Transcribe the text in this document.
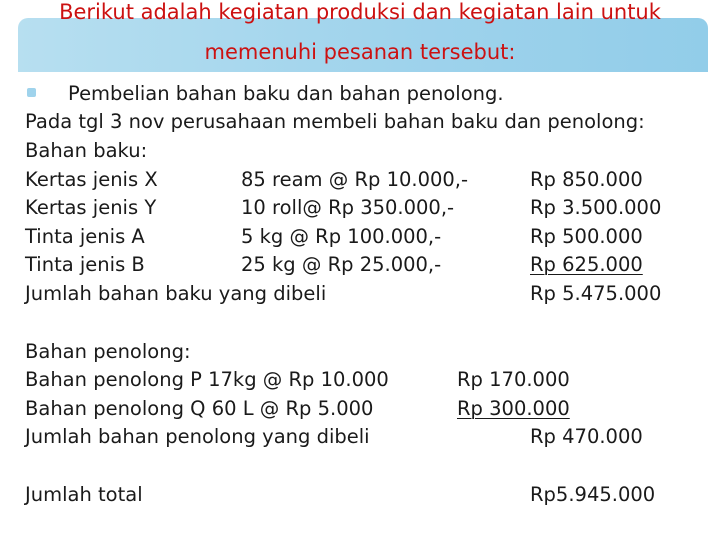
Berikut adalah kegiatan produksi dan kegiatan lain untuk
memenuhi pesanan tersebut:
Pembelian bahan baku dan bahan penolong.
Pada tgl 3 nov perusahaan membeli bahan baku dan penolong:
Bahan baku:
Kertas jenis X	85 ream @ Rp 10.000,-	Rp 850.000
Kertas jenis Y	10 roll@ Rp 350.000,-	Rp 3.500.000
Tinta jenis A	5 kg @ Rp 100.000,-	Rp 500.000
Tinta jenis B	25 kg @ Rp 25.000,-	Rp 625.000
Jumlah bahan baku yang dibeli	Rp 5.475.000
Bahan penolong:
Bahan penolong P 17kg @ Rp 10.000	Rp 170.000
Bahan penolong Q 60 L @ Rp 5.000	Rp 300.000
Jumlah bahan penolong yang dibeli	Rp 470.000
Jumlah total	Rp5.945.000
